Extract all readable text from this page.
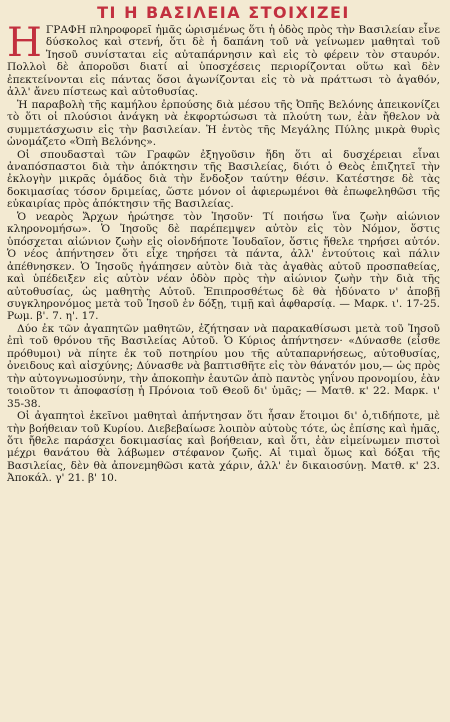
ΤΙ Η ΒΑΣΙΛΕΙΑ ΣΤΟΙΧΙΖΕΙ

ΗΓΡΑΦΗ πληροφορεῖ ἡμᾶς ὡρισμένως ὅτι ἡ ὁδὸς πρὸς τὴν Βασιλείαν εἶνε δύσκολος καὶ στενή, ὅτι δὲ ἡ δαπάνη τοῦ νὰ γείνωμεν μαθηταὶ τοῦ Ἰησοῦ συνίσταται εἰς αὐταπάρνησιν καὶ εἰς τὸ φέρειν τὸν σταυρόν. Πολλοὶ δὲ ἀποροῦσι διατί αἱ ὑποσχέσεις περιορίζονται οὕτω καὶ δὲν ἐπεκτείνονται εἰς πάντας ὅσοι ἀγωνίζονται εἰς τὸ νὰ πράττωσι τὸ ἀγαθόν, ἀλλ' ἄνευ πίστεως καὶ αὐτοθυσίας.

Ἡ παραβολὴ τῆς καμήλου ἐρπούσης διὰ μέσου τῆς Ὀπῆς Βελόνης ἀπεικονίζει τὸ ὅτι οἱ πλούσιοι ἀνάγκη νὰ ἐκφορτώσωσι τὰ πλούτη των, ἐὰν ἤθελον νὰ συμμετάσχωσιν εἰς τὴν βασιλείαν. Ἡ ἐντὸς τῆς Μεγάλης Πύλης μικρὰ θυρὶς ὠνομάζετο «Ὀπὴ Βελόνης».

Οἱ σπουδασταὶ τῶν Γραφῶν ἐξηγοῦσιν ἤδη ὅτι αἱ δυσχέρειαι εἶναι ἀναπόσπαστοι διὰ τὴν ἀπόκτησιν τῆς Βασιλείας, διότι ὁ Θεὸς ἐπιζητεῖ τὴν ἐκλογὴν μικρᾶς ὁμάδος διὰ τὴν ἔνδοξον ταύτην θέσιν. Κατέστησε δὲ τὰς δοκιμασίας τόσον δριμείας, ὥστε μόνον οἱ ἀφιερωμένοι θὰ ἐπωφεληθῶσι τῆς εὐκαιρίας πρὸς ἀπόκτησιν τῆς Βασιλείας.

Ὁ νεαρὸς Ἄρχων ἠρώτησε τὸν Ἰησοῦν· Τί ποιήσω ἵνα ζωὴν αἰώνιον κληρονομήσω». Ὁ Ἰησοῦς δὲ παρέπεμψεν αὐτὸν εἰς τὸν Νόμον, ὅστις ὑπόσχεται αἰώνιον ζωὴν εἰς οἱονδήποτε Ἰουδαῖον, ὅστις ἤθελε τηρήσει αὐτόν. Ὁ νέος ἀπήντησεν ὅτι εἶχε τηρήσει τὰ πάντα, ἀλλ' ἐντούτοις καὶ πάλιν ἀπέθνησκεν. Ὁ Ἰησοῦς ἠγάπησεν αὐτὸν διὰ τὰς ἀγαθὰς αὐτοῦ προσπαθείας, καὶ ὑπέδειξεν εἰς αὐτὸν νέαν ὁδὸν πρὸς τὴν αἰώνιον ζωὴν τὴν διὰ τῆς αὐτοθυσίας, ὡς μαθητὴς Αὐτοῦ. Ἐπιπροσθέτως δὲ θὰ ἠδύνατο ν' ἀποβῇ συγκληρονόμος μετὰ τοῦ Ἰησοῦ ἐν δόξῃ, τιμῇ καὶ ἀφθαρσίᾳ. — Μαρκ. ι'. 17-25. Ρωμ. β'. 7. η'. 17.

Δύο ἐκ τῶν ἀγαπητῶν μαθητῶν, ἐζήτησαν νὰ παρακαθίσωσι μετὰ τοῦ Ἰησοῦ ἐπὶ τοῦ θρόνου τῆς Βασιλείας Αὐτοῦ. Ὁ Κύριος ἀπήντησεν· «Δύνασθε (εἶσθε πρόθυμοι) νὰ πίητε ἐκ τοῦ ποτηρίου μου τῆς αὐταπαρνήσεως, αὐτοθυσίας, ὀνειδους καὶ αἰσχύνης; Δύνασθε νὰ βαπτισθῆτε εἰς τὸν θάνατόν μου,— ὡς πρὸς τὴν αὐτογνωμοσύνην, τὴν ἀποκοπὴν ἑαυτῶν ἀπὸ παντὸς γηΐνου προνομίου, ἐὰν τοιοῦτον τι ἀποφασίσῃ ἡ Πρόνοια τοῦ Θεοῦ δι' ὑμᾶς; — Ματθ. κ' 22. Μαρκ. ι' 35-38.

Οἱ ἀγαπητοὶ ἐκεῖνοι μαθηταὶ ἀπήντησαν ὅτι ἦσαν ἕτοιμοι δι' ὁ,τιδήποτε, μὲ τὴν βοήθειαν τοῦ Κυρίου. Διεβεβαίωσε λοιπὸν αὐτοὺς τότε, ὡς ἐπίσης καὶ ἡμᾶς, ὅτι ἤθελε παράσχει δοκιμασίας καὶ βοήθειαν, καὶ ὅτι, ἐὰν εἰμείνωμεν πιστοὶ μέχρι θανάτου θὰ λάβωμεν στέφανον ζωῆς. Αἱ τιμαὶ ὅμως καὶ δόξαι τῆς Βασιλείας, δὲν θὰ ἀπονεμηθῶσι κατὰ χάριν, ἀλλ' ἐν δικαιοσύνῃ. Ματθ. κ' 23. Ἀποκάλ. γ' 21. β' 10.
